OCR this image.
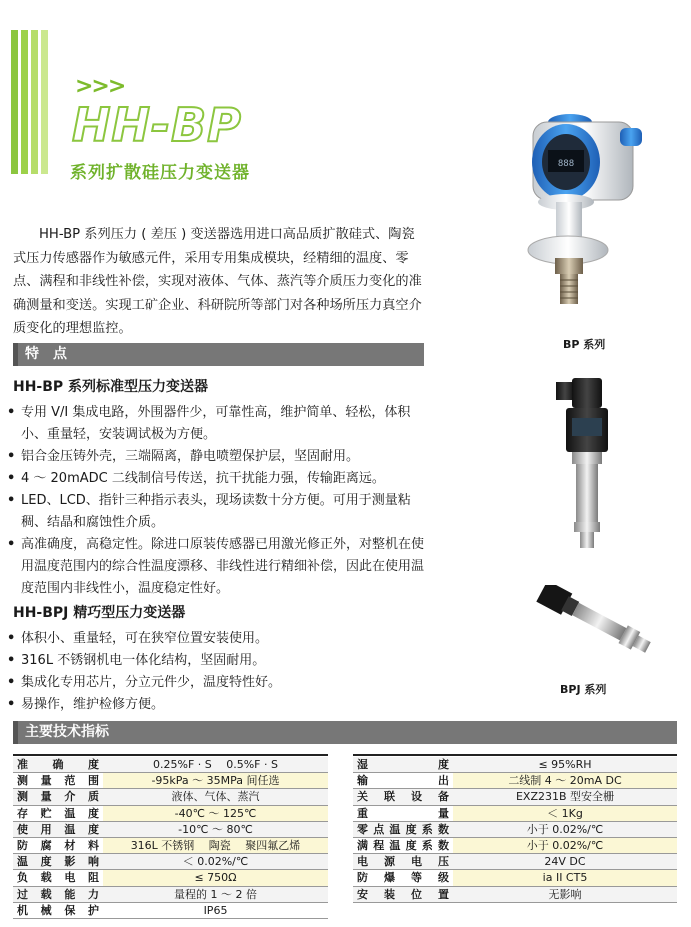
>>>
HH-BP
系列扩散硅压力变送器
HH-BP 系列压力 ( 差压 ) 变送器选用进口高品质扩散硅式、陶瓷式压力传感器作为敏感元件，采用专用集成模块，经精细的温度、零点、满程和非线性补偿，实现对液体、气体、蒸汽等介质压力变化的准确测量和变送。实现工矿企业、科研院所等部门对各种场所压力真空介质变化的理想监控。
888
BP 系列
BPJ 系列
特　点
HH-BP 系列标准型压力变送器
• 专用 V/I 集成电路，外围器件少，可靠性高，维护简单、轻松，体积小、重量轻，安装调试极为方便。
• 铝合金压铸外壳，三端隔离，静电喷塑保护层，坚固耐用。
• 4 ～ 20mADC 二线制信号传送，抗干扰能力强，传输距离远。
• LED、LCD、指针三种指示表头，现场读数十分方便。可用于测量粘稠、结晶和腐蚀性介质。
• 高准确度，高稳定性。除进口原装传感器已用激光修正外，对整机在使用温度范围内的综合性温度漂移、非线性进行精细补偿，因此在使用温度范围内非线性小，温度稳定性好。
HH-BPJ 精巧型压力变送器
• 体积小、重量轻，可在狭窄位置安装使用。
• 316L 不锈钢机电一体化结构，坚固耐用。
• 集成化专用芯片，分立元件少，温度特性好。
• 易操作，维护检修方便。
主要技术指标
准确度	0.25%F · S　 0.5%F · S
测量范围	-95kPa ～ 35MPa 间任选
测量介质	液体、气体、蒸汽
存贮温度	-40℃ ～ 125℃
使用温度	-10℃ ～ 80℃
防腐材料	316L 不锈钢　 陶瓷　 聚四氟乙烯
温度影响	＜ 0.02%/℃
负载电阻	≤ 750Ω
过载能力	量程的 1 ～ 2 倍
机械保护	IP65
湿度	≤ 95%RH
输出	二线制 4 ～ 20mA DC
关联设备	EXZ231B 型安全栅
重量	＜ 1Kg
零点温度系数	小于 0.02%/℃
满程温度系数	小于 0.02%/℃
电源电压	24V DC
防爆等级	ia II CT5
安装位置	无影响
